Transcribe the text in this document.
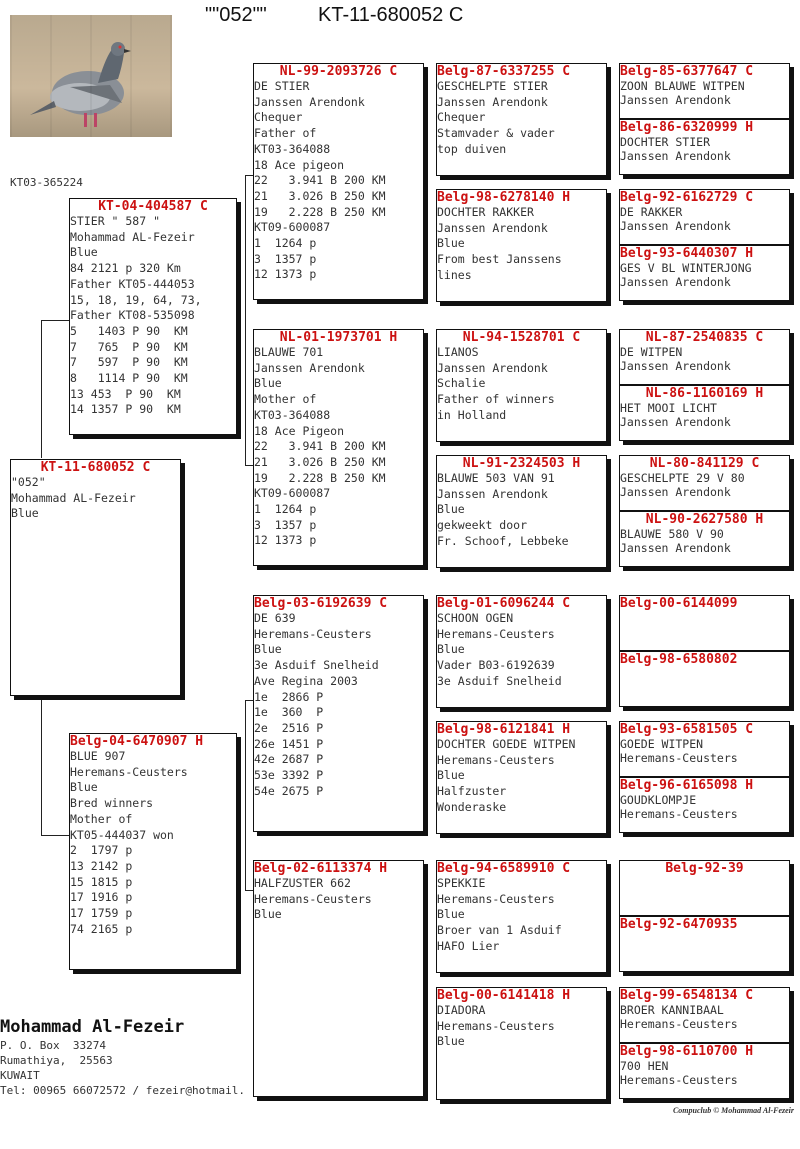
""052""	KT-11-680052 C
KT03-365224
KT-11-680052 C
"052"
Mohammad AL-Fezeir
Blue
KT-04-404587 C
STIER " 587 "
Mohammad AL-Fezeir
Blue
84 2121 p 320 Km
Father KT05-444053
15, 18, 19, 64, 73,
Father KT08-535098
5   1403 P 90  KM
7   765  P 90  KM
7   597  P 90  KM
8   1114 P 90  KM
13 453  P 90  KM
14 1357 P 90  KM
Belg-04-6470907 H
BLUE 907
Heremans-Ceusters
Blue
Bred winners
Mother of
KT05-444037 won
2  1797 p
13 2142 p
15 1815 p
17 1916 p
17 1759 p
74 2165 p
NL-99-2093726 C
DE STIER
Janssen Arendonk
Chequer
Father of
KT03-364088
18 Ace pigeon
22   3.941 B 200 KM
21   3.026 B 250 KM
19   2.228 B 250 KM
KT09-600087
1  1264 p
3  1357 p
12 1373 p
NL-01-1973701 H
BLAUWE 701
Janssen Arendonk
Blue
Mother of
KT03-364088
18 Ace Pigeon
22   3.941 B 200 KM
21   3.026 B 250 KM
19   2.228 B 250 KM
KT09-600087
1  1264 p
3  1357 p
12 1373 p
Belg-03-6192639 C
DE 639
Heremans-Ceusters
Blue
3e Asduif Snelheid
Ave Regina 2003
1e  2866 P
1e  360  P
2e  2516 P
26e 1451 P
42e 2687 P
53e 3392 P
54e 2675 P
Belg-02-6113374 H
HALFZUSTER 662
Heremans-Ceusters
Blue
Belg-87-6337255 C
GESCHELPTE STIER
Janssen Arendonk
Chequer
Stamvader & vader
top duiven
Belg-98-6278140 H
DOCHTER RAKKER
Janssen Arendonk
Blue
From best Janssens
lines
NL-94-1528701 C
LIANOS
Janssen Arendonk
Schalie
Father of winners
in Holland
NL-91-2324503 H
BLAUWE 503 VAN 91
Janssen Arendonk
Blue
gekweekt door
Fr. Schoof, Lebbeke
Belg-01-6096244 C
SCHOON OGEN
Heremans-Ceusters
Blue
Vader B03-6192639
3e Asduif Snelheid
Belg-98-6121841 H
DOCHTER GOEDE WITPEN
Heremans-Ceusters
Blue
Halfzuster
Wonderaske
Belg-94-6589910 C
SPEKKIE
Heremans-Ceusters
Blue
Broer van 1 Asduif
HAFO Lier
Belg-00-6141418 H
DIADORA
Heremans-Ceusters
Blue
Belg-85-6377647 C
ZOON BLAUWE WITPEN
Janssen Arendonk
Belg-86-6320999 H
DOCHTER STIER
Janssen Arendonk
Belg-92-6162729 C
DE RAKKER
Janssen Arendonk
Belg-93-6440307 H
GES V BL WINTERJONG
Janssen Arendonk
NL-87-2540835 C
DE WITPEN
Janssen Arendonk
NL-86-1160169 H
HET MOOI LICHT
Janssen Arendonk
NL-80-841129 C
GESCHELPTE 29 V 80
Janssen Arendonk
NL-90-2627580 H
BLAUWE 580 V 90
Janssen Arendonk
Belg-00-6144099
Belg-98-6580802
Belg-93-6581505 C
GOEDE WITPEN
Heremans-Ceusters
Belg-96-6165098 H
GOUDKLOMPJE
Heremans-Ceusters
Belg-92-39
Belg-92-6470935
Belg-99-6548134 C
BROER KANNIBAAL
Heremans-Ceusters
Belg-98-6110700 H
700 HEN
Heremans-Ceusters
Mohammad Al-Fezeir
P. O. Box  33274
Rumathiya,  25563
KUWAIT
Tel: 00965 66072572 / fezeir@hotmail.
Compuclub © Mohammad Al-Fezeir
